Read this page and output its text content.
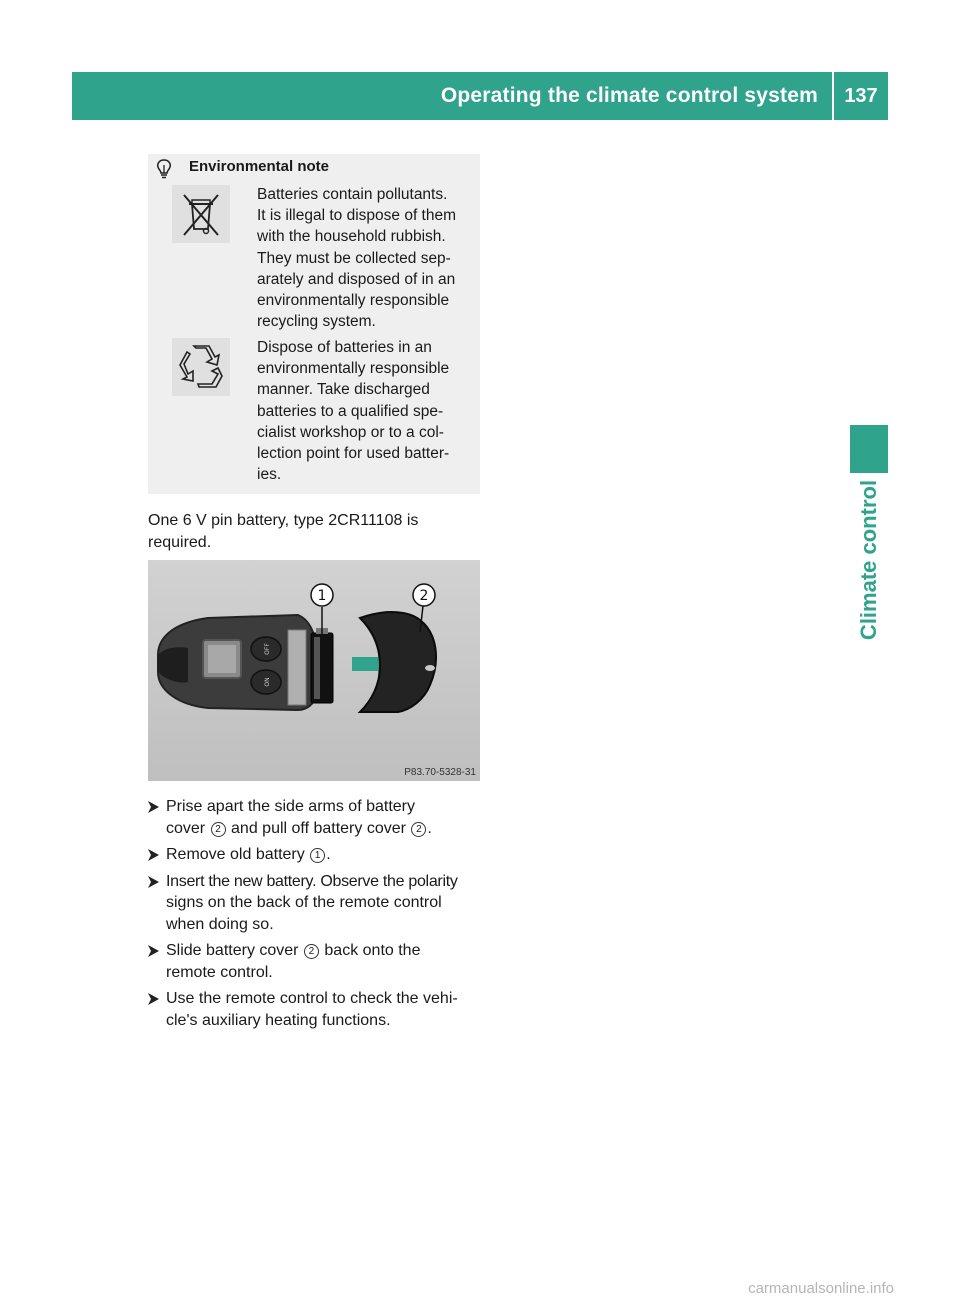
Operating the climate control system	137
Climate control
Environmental note
Batteries contain pollutants.
It is illegal to dispose of them
with the household rubbish.
They must be collected sep-
arately and disposed of in an
environmentally responsible
recycling system.
Dispose of batteries in an
environmentally responsible
manner. Take discharged
batteries to a qualified spe-
cialist workshop or to a col-
lection point for used batter-
ies.
One 6 V pin battery, type 2CR11108 is
required.
OFF
ON
1	2
P83.70-5328-31
Prise apart the side arms of battery
cover 2 and pull off battery cover 2 .
Remove old battery 1 .
Insert the new battery. Observe the polarity
signs on the back of the remote control
when doing so.
Slide battery cover 2 back onto the
remote control.
Use the remote control to check the vehi-
cle's auxiliary heating functions.
carmanualsonline.info
